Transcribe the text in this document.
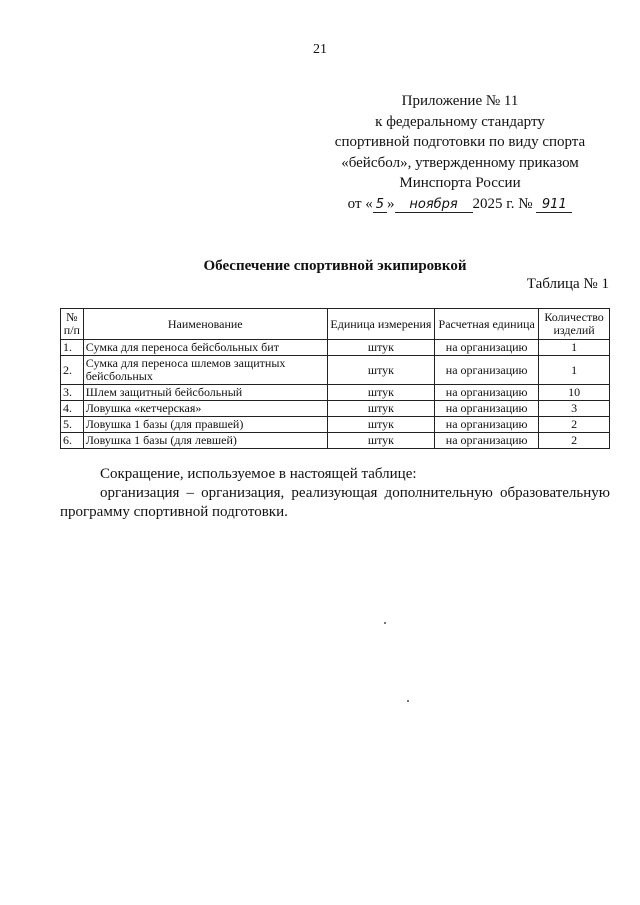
21
Приложение № 11
к федеральному стандарту
спортивной подготовки по виду спорта
«бейсбол», утвержденному приказом
Минспорта России
от « 5 » ноября 2025 г. № 911
Обеспечение спортивной экипировкой
Таблица № 1
№ п/п	Наименование	Единица измерения	Расчетная единица	Количество изделий
1.	Сумка для переноса бейсбольных бит	штук	на организацию	1
2.	Сумка для переноса шлемов защитных бейсбольных	штук	на организацию	1
3.	Шлем защитный бейсбольный	штук	на организацию	10
4.	Ловушка «кетчерская»	штук	на организацию	3
5.	Ловушка 1 базы (для правшей)	штук	на организацию	2
6.	Ловушка 1 базы (для левшей)	штук	на организацию	2

Сокращение, используемое в настоящей таблице:

организация – организация, реализующая дополнительную образовательную

программу спортивной подготовки.
